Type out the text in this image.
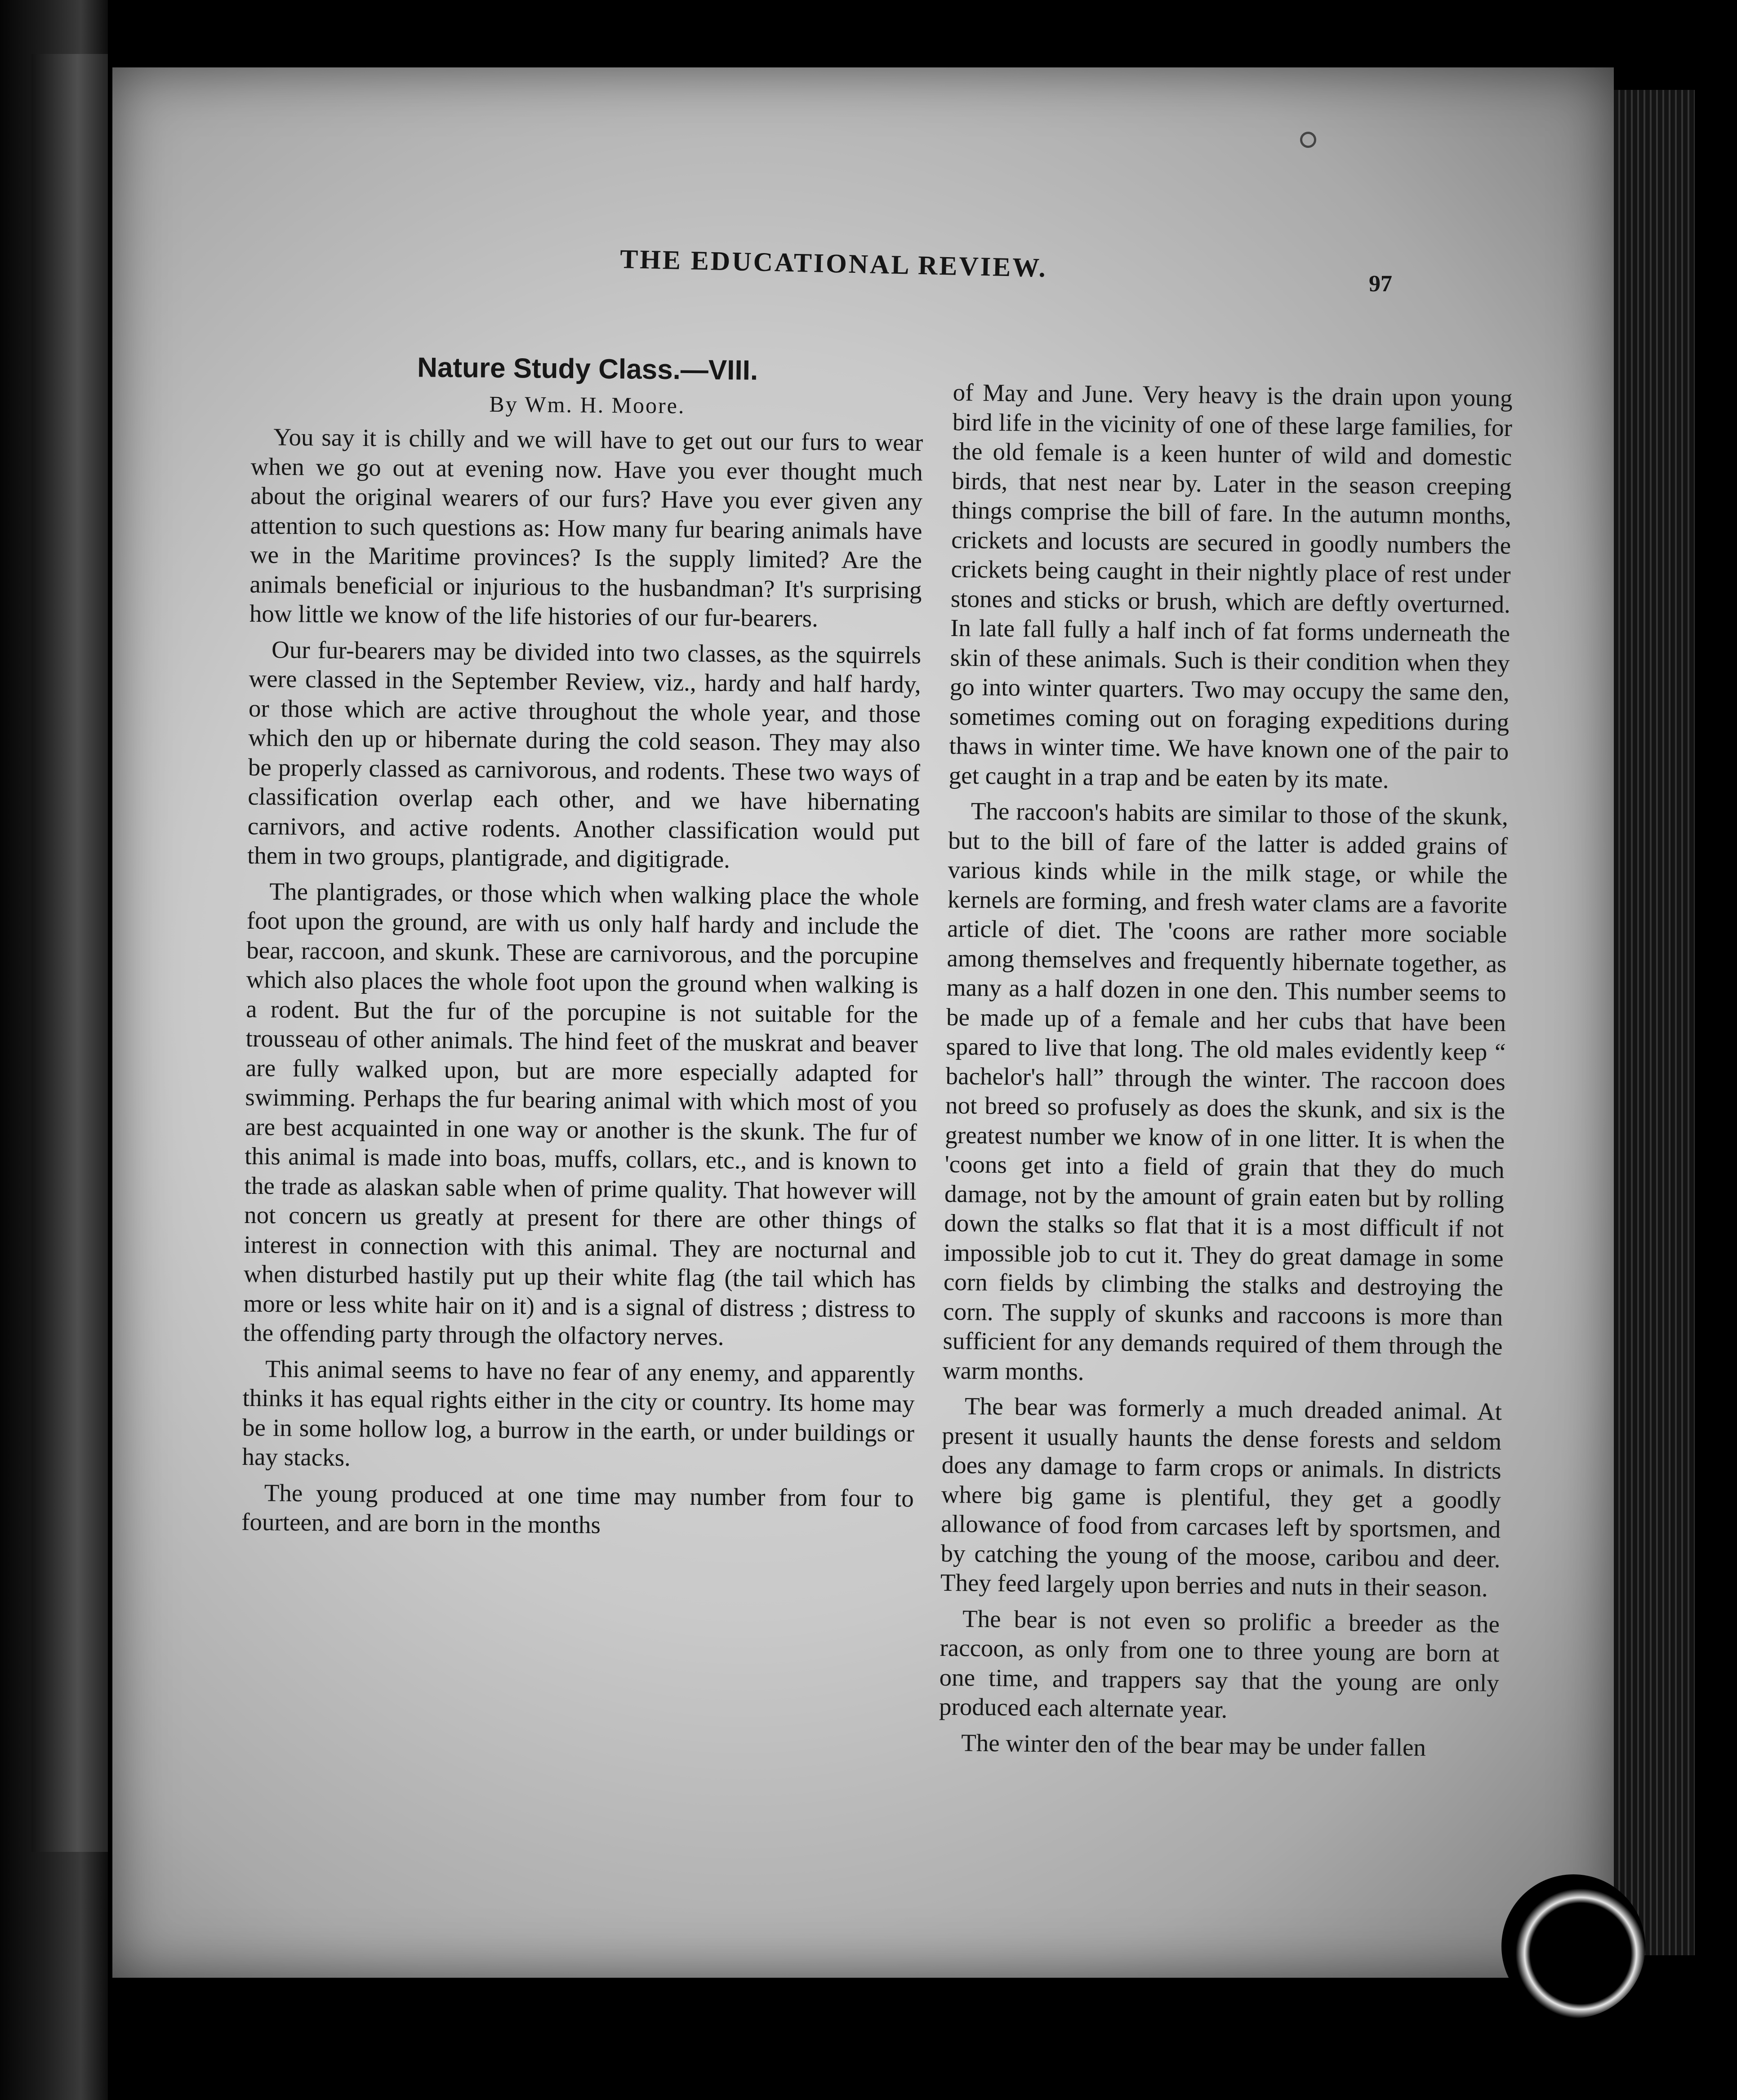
THE EDUCATIONAL REVIEW.
97
Nature Study Class.—VIII.

By Wm. H. Moore.

You say it is chilly and we will have to get out our furs to wear when we go out at evening now. Have you ever thought much about the original wearers of our furs? Have you ever given any attention to such questions as: How many fur bearing animals have we in the Maritime provinces? Is the supply limited? Are the animals beneficial or injurious to the husbandman? It's surprising how little we know of the life histories of our fur-bearers.

Our fur-bearers may be divided into two classes, as the squirrels were classed in the September Review, viz., hardy and half hardy, or those which are active throughout the whole year, and those which den up or hibernate during the cold season. They may also be properly classed as carnivorous, and rodents. These two ways of classification overlap each other, and we have hibernating carnivors, and active rodents. Another classification would put them in two groups, plantigrade, and digitigrade.

The plantigrades, or those which when walking place the whole foot upon the ground, are with us only half hardy and include the bear, raccoon, and skunk. These are carnivorous, and the porcupine which also places the whole foot upon the ground when walking is a rodent. But the fur of the porcupine is not suitable for the trousseau of other animals. The hind feet of the muskrat and beaver are fully walked upon, but are more especially adapted for swimming. Perhaps the fur bearing animal with which most of you are best acquainted in one way or another is the skunk. The fur of this animal is made into boas, muffs, collars, etc., and is known to the trade as alaskan sable when of prime quality. That however will not concern us greatly at present for there are other things of interest in connection with this animal. They are nocturnal and when disturbed hastily put up their white flag (the tail which has more or less white hair on it) and is a signal of distress ; distress to the offending party through the olfactory nerves.

This animal seems to have no fear of any enemy, and apparently thinks it has equal rights either in the city or country. Its home may be in some hollow log, a burrow in the earth, or under buildings or hay stacks.

The young produced at one time may number from four to fourteen, and are born in the months

of May and June. Very heavy is the drain upon young bird life in the vicinity of one of these large families, for the old female is a keen hunter of wild and domestic birds, that nest near by. Later in the season creeping things comprise the bill of fare. In the autumn months, crickets and locusts are secured in goodly numbers the crickets being caught in their nightly place of rest under stones and sticks or brush, which are deftly overturned. In late fall fully a half inch of fat forms underneath the skin of these animals. Such is their condition when they go into winter quarters. Two may occupy the same den, sometimes coming out on foraging expeditions during thaws in winter time. We have known one of the pair to get caught in a trap and be eaten by its mate.

The raccoon's habits are similar to those of the skunk, but to the bill of fare of the latter is added grains of various kinds while in the milk stage, or while the kernels are forming, and fresh water clams are a favorite article of diet. The 'coons are rather more sociable among themselves and frequently hibernate together, as many as a half dozen in one den. This number seems to be made up of a female and her cubs that have been spared to live that long. The old males evidently keep “ bachelor's hall” through the winter. The raccoon does not breed so profusely as does the skunk, and six is the greatest number we know of in one litter. It is when the 'coons get into a field of grain that they do much damage, not by the amount of grain eaten but by rolling down the stalks so flat that it is a most difficult if not impossible job to cut it. They do great damage in some corn fields by climbing the stalks and destroying the corn. The supply of skunks and raccoons is more than sufficient for any demands required of them through the warm months.

The bear was formerly a much dreaded animal. At present it usually haunts the dense forests and seldom does any damage to farm crops or animals. In districts where big game is plentiful, they get a goodly allowance of food from carcases left by sportsmen, and by catching the young of the moose, caribou and deer. They feed largely upon berries and nuts in their season.

The bear is not even so prolific a breeder as the raccoon, as only from one to three young are born at one time, and trappers say that the young are only produced each alternate year.

The winter den of the bear may be under fallen
